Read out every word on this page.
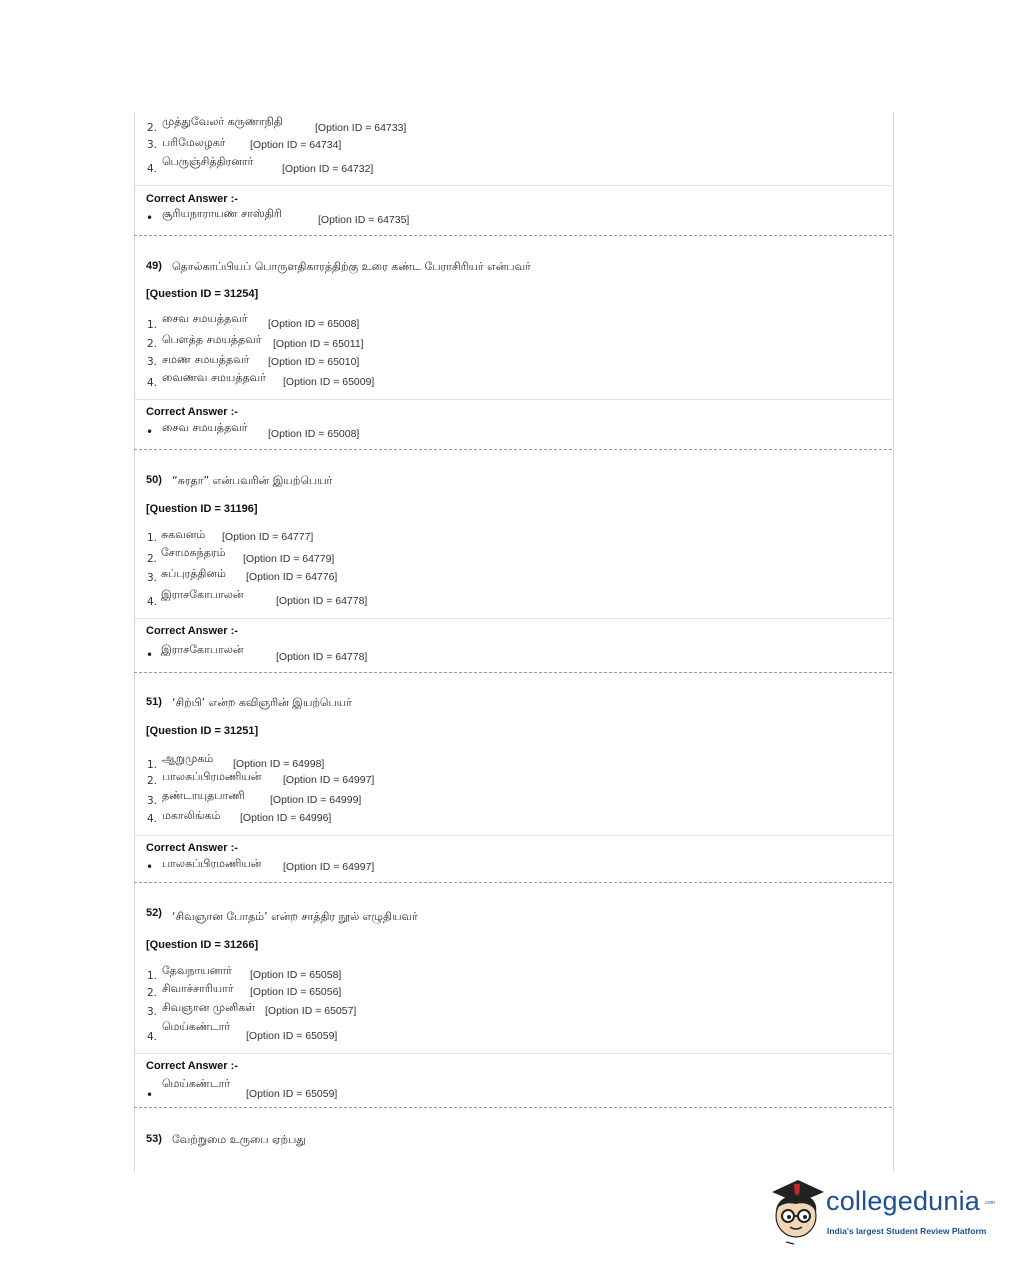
2. முத்துவேலர் கருணாநிதி	[Option ID = 64733]
3. பரிமேலழகர் [Option ID = 64734]
4.
பெருஞ்சித்திரனார்
[Option ID = 64732]
Correct Answer :-
• சூரியநாராயண சாஸ்திரி	[Option ID = 64735]
49) தொல்காப்பியப் பொருளதிகாரத்திற்கு உரை கண்ட பேராசிரியர் என்பவர்
[Question ID = 31254]
1. சைவ சமயத்தவர் [Option ID = 65008]
2. பௌத்த சமயத்தவர் [Option ID = 65011]
3. சமண சமயத்தவர் [Option ID = 65010]
4. வைணவ சமயத்தவர் [Option ID = 65009]
Correct Answer :-
• சைவ சமயத்தவர் [Option ID = 65008]
50) “சுரதா” என்பவரின் இயற்பெயர்
[Question ID = 31196]
1. சுகவனம் [Option ID = 64777]
2. சோமசுந்தரம் [Option ID = 64779]
3. சுப்புரத்தினம் [Option ID = 64776]
4.
இராசகோபாலன்	[Option ID = 64778]
Correct Answer :-
• இராசகோபாலன்
[Option ID = 64778]
51) ‘சிற்பி’ என்ற கவிஞரின் இயற்பெயர்
[Question ID = 31251]
1. ஆறுமுகம் [Option ID = 64998]
2. பாலசுப்பிரமணியன் [Option ID = 64997]
3. தண்டாயுதபாணி [Option ID = 64999]
4. மகாலிங்கம் [Option ID = 64996]
Correct Answer :-
• பாலசுப்பிரமணியன் [Option ID = 64997]
52) ‘சிவஞான போதம்’ என்ற சாத்திர நூல் எழுதியவர்
[Question ID = 31266]
1. தேவநாயனார் [Option ID = 65058]
2. சிவாச்சாரியார் [Option ID = 65056]
3. சிவஞான முனிகள் [Option ID = 65057]
4.
மெய்கண்டார்
[Option ID = 65059]
Correct Answer :-
•
மெய்கண்டார்
[Option ID = 65059]
53) வேற்றுமை உருபை ஏற்பது
collegedunia .com
India's largest Student Review Platform
